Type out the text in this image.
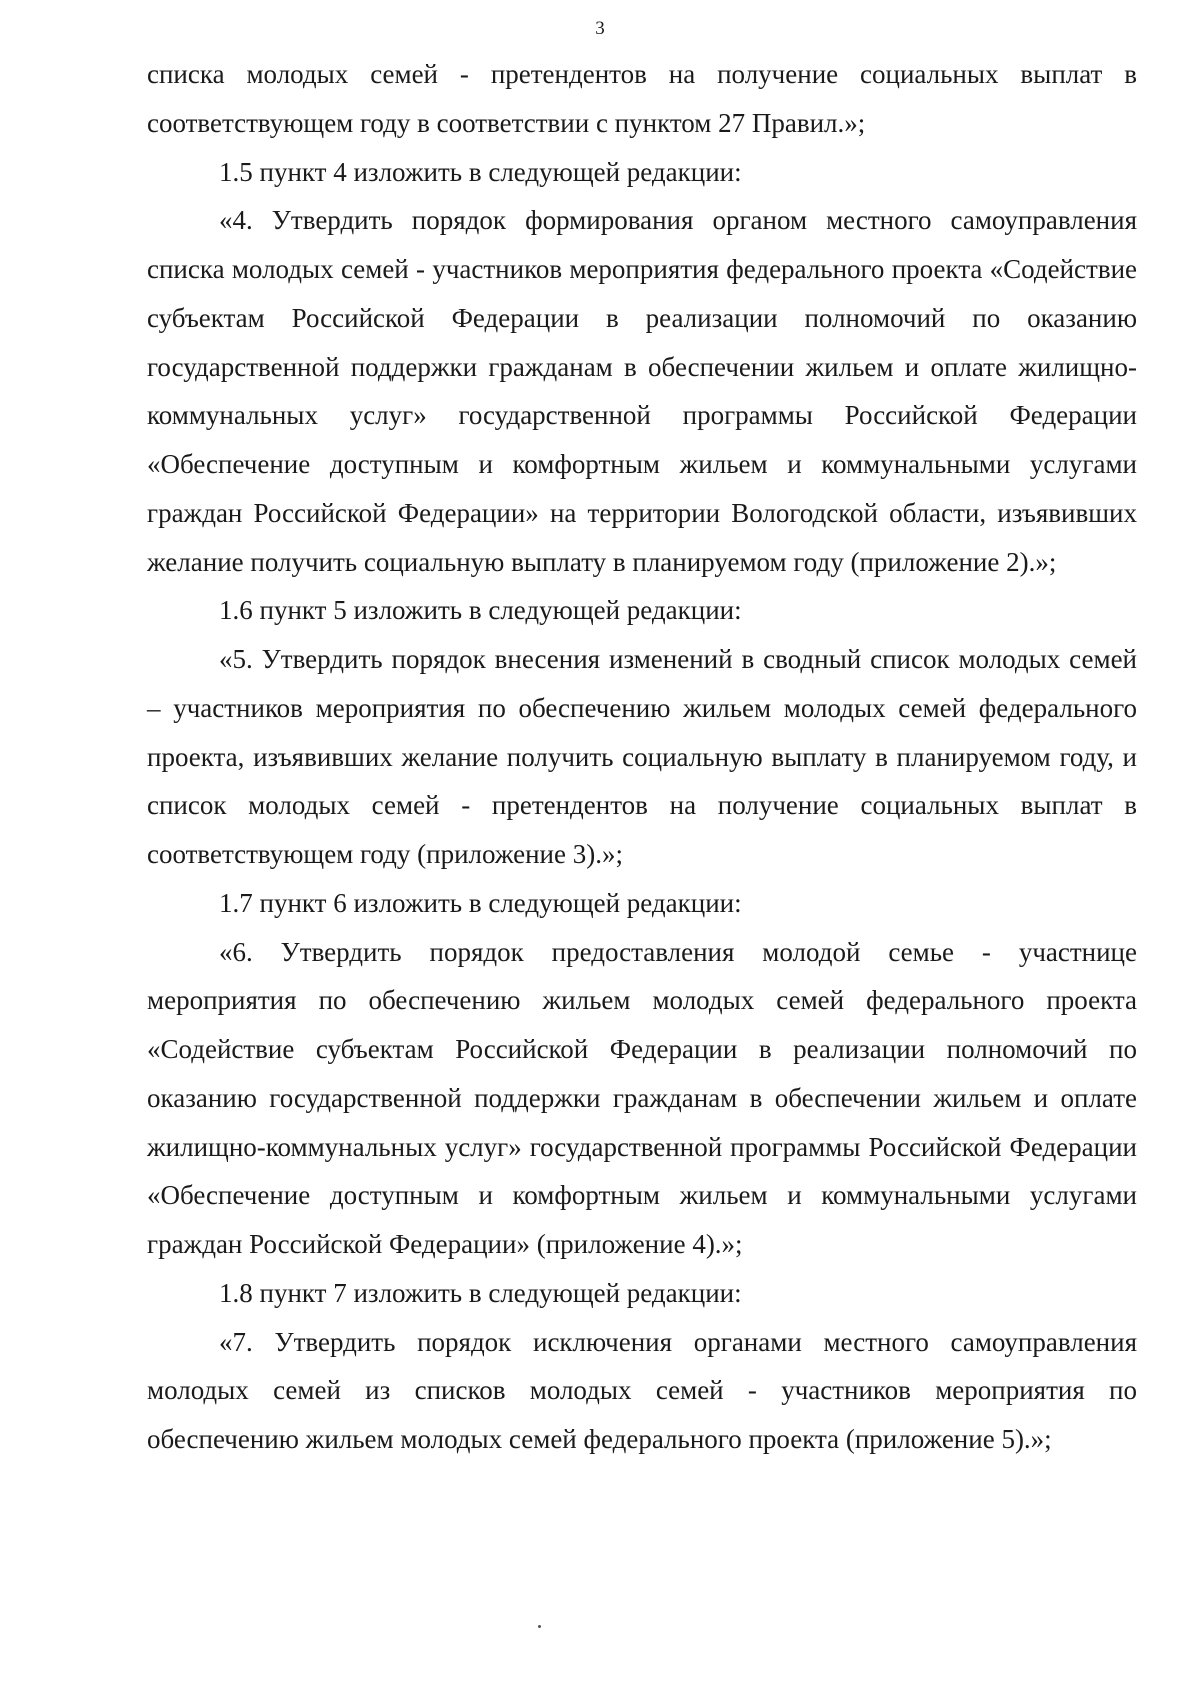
3

списка молодых семей - претендентов на получение социальных выплат в соответствующем году в соответствии с пунктом 27 Правил.»;

1.5 пункт 4 изложить в следующей редакции:

«4. Утвердить порядок формирования органом местного самоуправления списка молодых семей - участников мероприятия федерального проекта «Содействие субъектам Российской Федерации в реализации полномочий по оказанию государственной поддержки гражданам в обеспечении жильем и оплате жилищно-коммунальных услуг» государственной программы Российской Федерации «Обеспечение доступным и комфортным жильем и коммунальными услугами граждан Российской Федерации» на территории Вологодской области, изъявивших желание получить социальную выплату в планируемом году (приложение 2).»;

1.6 пункт 5 изложить в следующей редакции:

«5. Утвердить порядок внесения изменений в сводный список молодых семей – участников мероприятия по обеспечению жильем молодых семей федерального проекта, изъявивших желание получить социальную выплату в планируемом году, и список молодых семей - претендентов на получение социальных выплат в соответствующем году (приложение 3).»;

1.7 пункт 6 изложить в следующей редакции:

«6. Утвердить порядок предоставления молодой семье - участнице мероприятия по обеспечению жильем молодых семей федерального проекта «Содействие субъектам Российской Федерации в реализации полномочий по оказанию государственной поддержки гражданам в обеспечении жильем и оплате жилищно-коммунальных услуг» государственной программы Российской Федерации «Обеспечение доступным и комфортным жильем и коммунальными услугами граждан Российской Федерации» (приложение 4).»;

1.8 пункт 7 изложить в следующей редакции:

«7. Утвердить порядок исключения органами местного самоуправления молодых семей из списков молодых семей - участников мероприятия по обеспечению жильем молодых семей федерального проекта (приложение 5).»;
